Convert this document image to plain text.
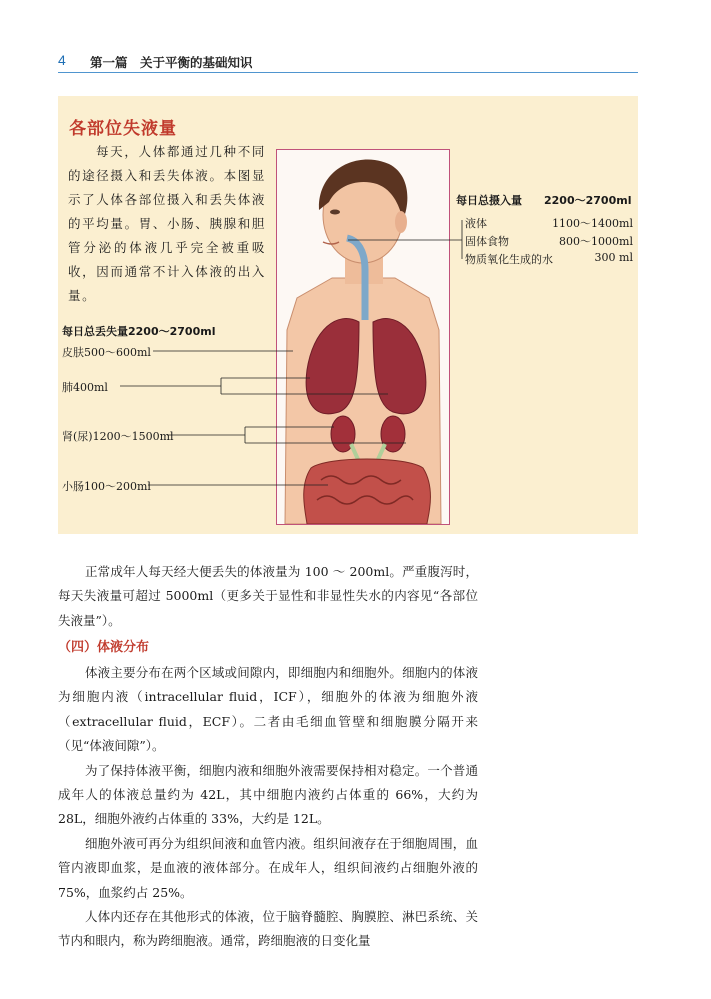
4 第一篇　关于平衡的基础知识
各部位失液量
每天，人体都通过几种不同的途径摄入和丢失体液。本图显示了人体各部位摄入和丢失体液的平均量。胃、小肠、胰腺和胆管分泌的体液几乎完全被重吸收，因而通常不计入体液的出入量。
每日总丢失量2200～2700ml
皮肤500～600ml
肺400ml
肾(尿)1200～1500ml
小肠100～200ml
每日总摄入量　　2200～2700ml
液体	1100～1400ml
固体食物	800～1000ml
物质氧化生成的水	300 ml

正常成年人每天经大便丢失的体液量为 100 ～ 200ml。严重腹泻时，每天失液量可超过 5000ml（更多关于显性和非显性失水的内容见“各部位失液量”）。

（四）体液分布

体液主要分布在两个区域或间隙内，即细胞内和细胞外。细胞内的体液为细胞内液（intracellular fluid，ICF），细胞外的体液为细胞外液（extracellular fluid，ECF）。二者由毛细血管壁和细胞膜分隔开来（见“体液间隙”）。

为了保持体液平衡，细胞内液和细胞外液需要保持相对稳定。一个普通成年人的体液总量约为 42L，其中细胞内液约占体重的 66%，大约为 28L，细胞外液约占体重的 33%，大约是 12L。

细胞外液可再分为组织间液和血管内液。组织间液存在于细胞周围，血管内液即血浆，是血液的液体部分。在成年人，组织间液约占细胞外液的 75%，血浆约占 25%。

人体内还存在其他形式的体液，位于脑脊髓腔、胸膜腔、淋巴系统、关节内和眼内，称为跨细胞液。通常，跨细胞液的日变化量
